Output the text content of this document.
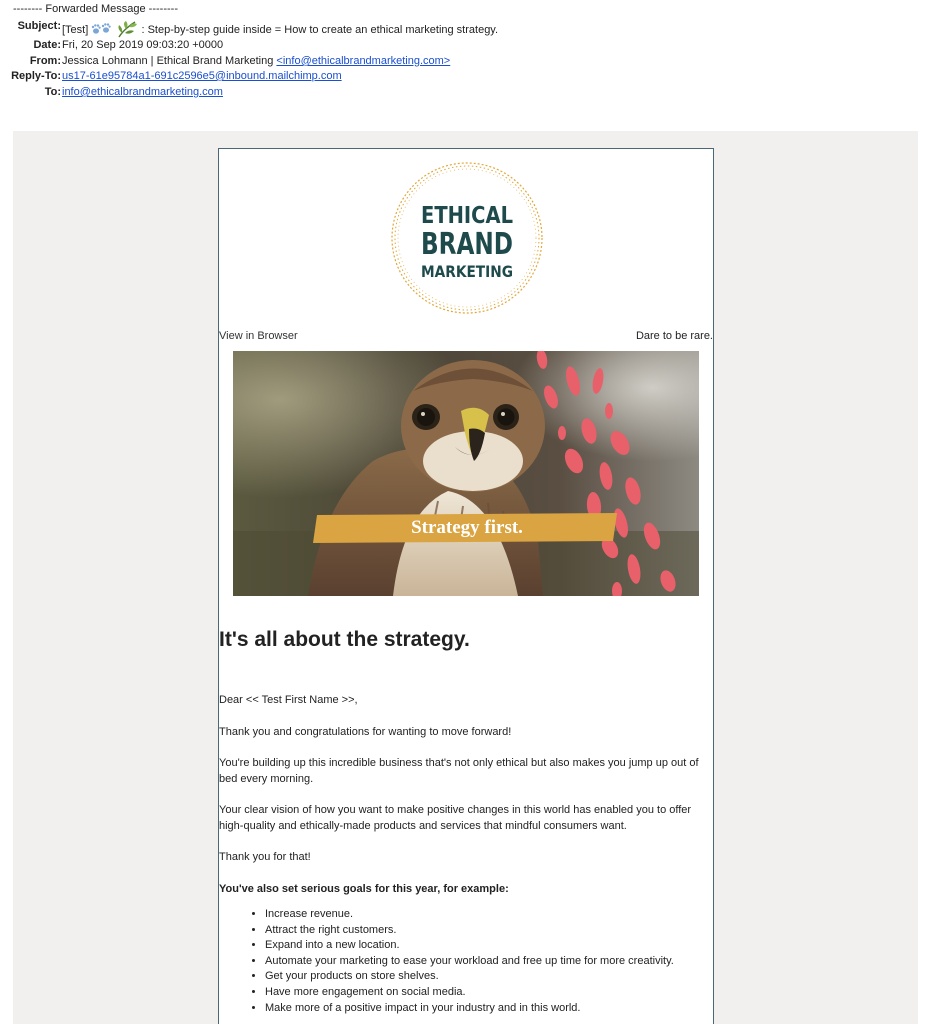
-------- Forwarded Message --------
Subject: [Test]	: Step-by-step guide inside = How to create an ethical marketing strategy.
Date: Fri, 20 Sep 2019 09:03:20 +0000
From: Jessica Lohmann | Ethical Brand Marketing <info@ethicalbrandmarketing.com>
Reply-To: us17-61e95784a1-691c2596e5@inbound.mailchimp.com
To: info@ethicalbrandmarketing.com
ETHICAL
BRAND
MARKETING
View in Browser	Dare to be rare.
Strategy first.
It's all about the strategy.

Dear << Test First Name >>,

Thank you and congratulations for wanting to move forward!

You're building up this incredible business that's not only ethical but also makes you jump up out of bed every morning.

Your clear vision of how you want to make positive changes in this world has enabled you to offer high-quality and ethically-made products and services that mindful consumers want.

Thank you for that!

You've also set serious goals for this year, for example:

• Increase revenue.
• Attract the right customers.
• Expand into a new location.
• Automate your marketing to ease your workload and free up time for more creativity.
• Get your products on store shelves.
• Have more engagement on social media.
• Make more of a positive impact in your industry and in this world.
